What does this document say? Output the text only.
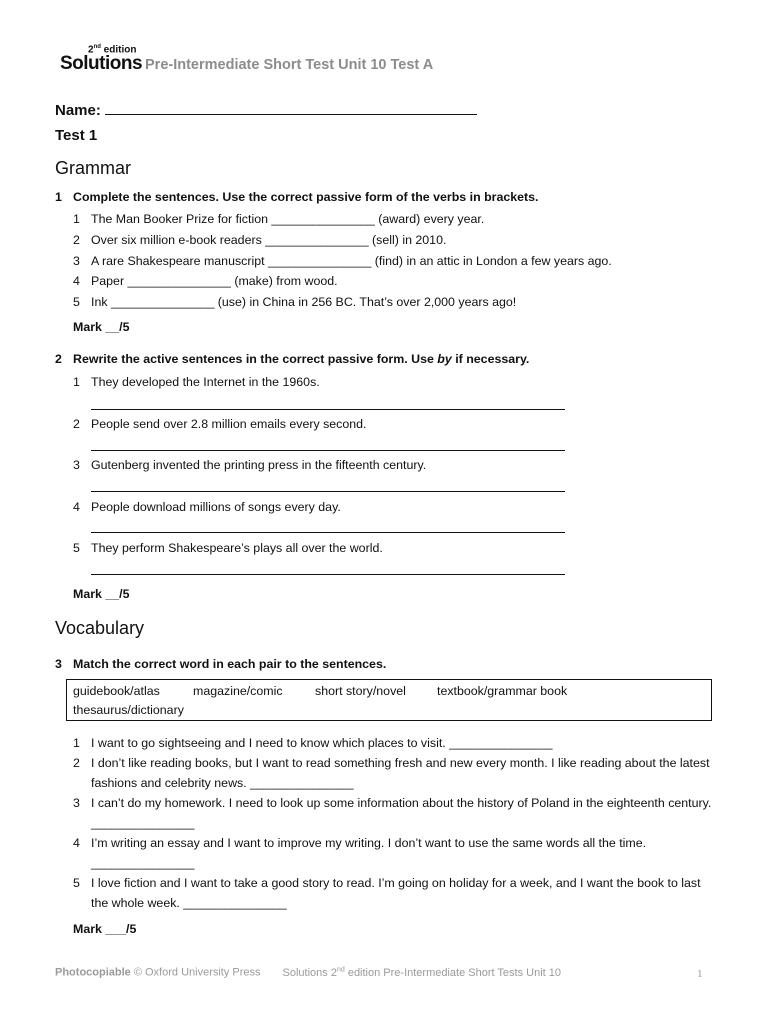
2nd edition
Solutions Pre-Intermediate Short Test Unit 10 Test A
Name:
Test 1
Grammar
1 Complete the sentences. Use the correct passive form of the verbs in brackets.
1 The Man Booker Prize for fiction _______________ (award) every year.
2 Over six million e-book readers _______________ (sell) in 2010.
3 A rare Shakespeare manuscript _______________ (find) in an attic in London a few years ago.
4 Paper _______________ (make) from wood.
5 Ink _______________ (use) in China in 256 BC. That’s over 2,000 years ago!
Mark __/5
2 Rewrite the active sentences in the correct passive form. Use by if necessary.
1 They developed the Internet in the 1960s.
2 People send over 2.8 million emails every second.
3 Gutenberg invented the printing press in the fifteenth century.
4 People download millions of songs every day.
5 They perform Shakespeare’s plays all over the world.
Mark __/5
Vocabulary
3 Match the correct word in each pair to the sentences.
guidebook/atlas	magazine/comic	short story/novel	textbook/grammar book
thesaurus/dictionary
1 I want to go sightseeing and I need to know which places to visit. _______________
2 I don’t like reading books, but I want to read something fresh and new every month. I like reading about the latest fashions and celebrity news. _______________
3 I can’t do my homework. I need to look up some information about the history of Poland in the eighteenth century. _______________
4 I’m writing an essay and I want to improve my writing. I don’t want to use the same words all the time. _______________
5 I love fiction and I want to take a good story to read. I’m going on holiday for a week, and I want the book to last the whole week. _______________
Mark ___/5
Photocopiable © Oxford University Press Solutions 2nd edition Pre-Intermediate Short Tests Unit 10	1
